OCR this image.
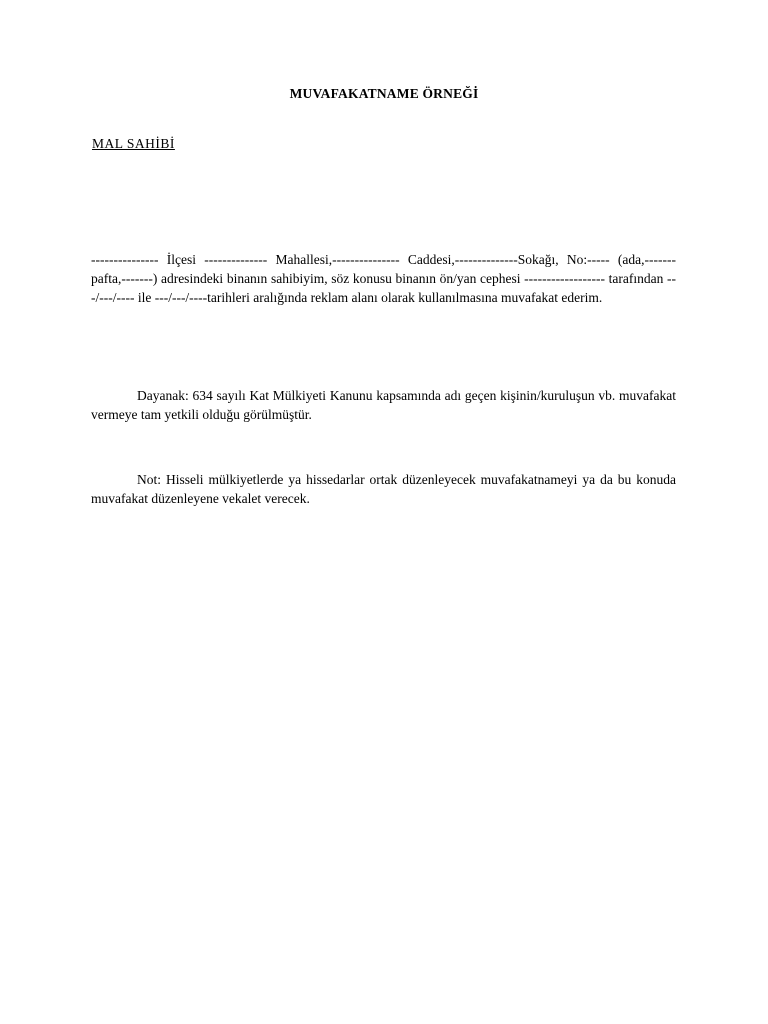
MUVAFAKATNAME ÖRNEĞİ
MAL SAHİBİ

--------------- İlçesi -------------- Mahallesi,--------------- Caddesi,--------------Sokağı, No:----- (ada,------- pafta,-------) adresindeki binanın sahibiyim, söz konusu binanın ön/yan cephesi ------------------ tarafından ---/---/---- ile ---/---/----tarihleri aralığında reklam alanı olarak kullanılmasına muvafakat ederim.

Dayanak: 634 sayılı Kat Mülkiyeti Kanunu kapsamında adı geçen kişinin/kuruluşun vb. muvafakat vermeye tam yetkili olduğu görülmüştür.

Not: Hisseli mülkiyetlerde ya hissedarlar ortak düzenleyecek muvafakatnameyi ya da bu konuda muvafakat düzenleyene vekalet verecek.
